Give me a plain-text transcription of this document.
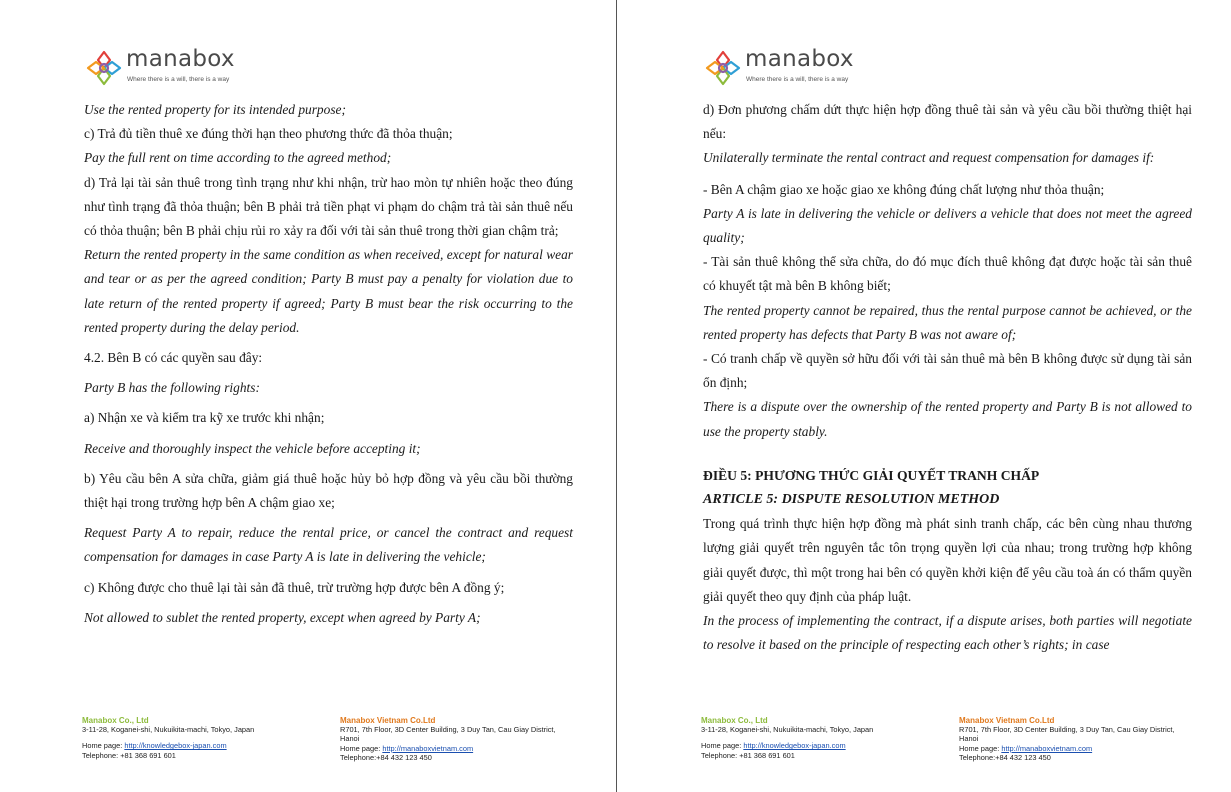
manabox
Where there is a will, there is a way

Use the rented property for its intended purpose;

c) Trả đủ tiền thuê xe đúng thời hạn theo phương thức đã thỏa thuận;

Pay the full rent on time according to the agreed method;

d) Trả lại tài sản thuê trong tình trạng như khi nhận, trừ hao mòn tự nhiên hoặc theo đúng như tình trạng đã thỏa thuận; bên B phải trả tiền phạt vi phạm do chậm trả tài sản thuê nếu có thỏa thuận; bên B phải chịu rủi ro xảy ra đối với tài sản thuê trong thời gian chậm trả;

Return the rented property in the same condition as when received, except for natural wear and tear or as per the agreed condition; Party B must pay a penalty for violation due to late return of the rented property if agreed; Party B must bear the risk occurring to the rented property during the delay period.

4.2. Bên B có các quyền sau đây:

Party B has the following rights:

a) Nhận xe và kiểm tra kỹ xe trước khi nhận;

Receive and thoroughly inspect the vehicle before accepting it;

b) Yêu cầu bên A sửa chữa, giảm giá thuê hoặc hủy bỏ hợp đồng và yêu cầu bồi thường thiệt hại trong trường hợp bên A chậm giao xe;

Request Party A to repair, reduce the rental price, or cancel the contract and request compensation for damages in case Party A is late in delivering the vehicle;

c) Không được cho thuê lại tài sản đã thuê, trừ trường hợp được bên A đồng ý;

Not allowed to sublet the rented property, except when agreed by Party A;

Manabox Co., Ltd
3-11-28, Koganei-shi, Nukuikita-machi, Tokyo, Japan
Home page: http://knowledgebox-japan.com
Telephone: +81 368 691 601
Manabox Vietnam Co.Ltd
R701, 7th Floor, 3D Center Building, 3 Duy Tan, Cau Giay District, Hanoi
Home page: http://manaboxvietnam.com
Telephone:+84 432 123 450
manabox
Where there is a will, there is a way

d) Đơn phương chấm dứt thực hiện hợp đồng thuê tài sản và yêu cầu bồi thường thiệt hại nếu:

Unilaterally terminate the rental contract and request compensation for damages if:

- Bên A chậm giao xe hoặc giao xe không đúng chất lượng như thỏa thuận;

Party A is late in delivering the vehicle or delivers a vehicle that does not meet the agreed quality;

- Tài sản thuê không thể sửa chữa, do đó mục đích thuê không đạt được hoặc tài sản thuê có khuyết tật mà bên B không biết;

The rented property cannot be repaired, thus the rental purpose cannot be achieved, or the rented property has defects that Party B was not aware of;

- Có tranh chấp về quyền sở hữu đối với tài sản thuê mà bên B không được sử dụng tài sản ổn định;

There is a dispute over the ownership of the rented property and Party B is not allowed to use the property stably.

ĐIỀU 5: PHƯƠNG THỨC GIẢI QUYẾT TRANH CHẤP

ARTICLE 5: DISPUTE RESOLUTION METHOD

Trong quá trình thực hiện hợp đồng mà phát sinh tranh chấp, các bên cùng nhau thương lượng giải quyết trên nguyên tắc tôn trọng quyền lợi của nhau; trong trường hợp không giải quyết được, thì một trong hai bên có quyền khởi kiện để yêu cầu toà án có thẩm quyền giải quyết theo quy định của pháp luật.

In the process of implementing the contract, if a dispute arises, both parties will negotiate to resolve it based on the principle of respecting each other’s rights; in case

Manabox Co., Ltd
3-11-28, Koganei-shi, Nukuikita-machi, Tokyo, Japan
Home page: http://knowledgebox-japan.com
Telephone: +81 368 691 601
Manabox Vietnam Co.Ltd
R701, 7th Floor, 3D Center Building, 3 Duy Tan, Cau Giay District, Hanoi
Home page: http://manaboxvietnam.com
Telephone:+84 432 123 450
